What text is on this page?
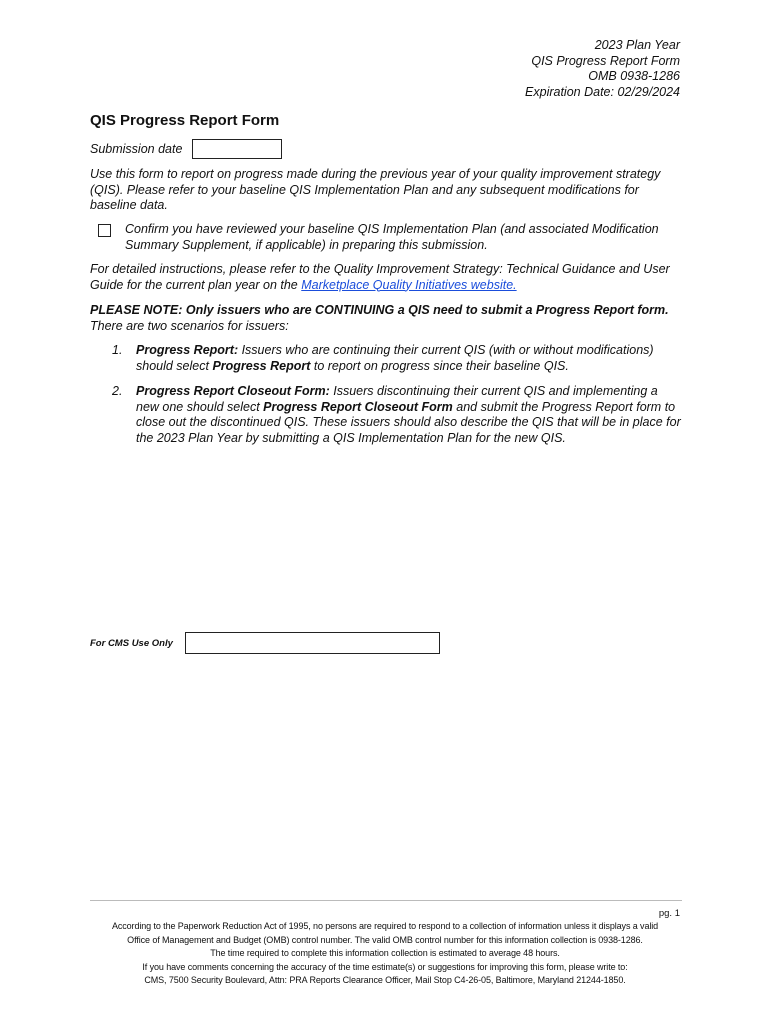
2023 Plan Year
QIS Progress Report Form
OMB 0938-1286
Expiration Date: 02/29/2024
QIS Progress Report Form
Submission date
Use this form to report on progress made during the previous year of your quality improvement strategy (QIS). Please refer to your baseline QIS Implementation Plan and any subsequent modifications for baseline data.
Confirm you have reviewed your baseline QIS Implementation Plan (and associated Modification Summary Supplement, if applicable) in preparing this submission.
For detailed instructions, please refer to the Quality Improvement Strategy: Technical Guidance and User Guide for the current plan year on the Marketplace Quality Initiatives website.
PLEASE NOTE: Only issuers who are CONTINUING a QIS need to submit a Progress Report form.
There are two scenarios for issuers:
1.	Progress Report: Issuers who are continuing their current QIS (with or without modifications) should select Progress Report to report on progress since their baseline QIS.
2.	Progress Report Closeout Form: Issuers discontinuing their current QIS and implementing a new one should select Progress Report Closeout Form and submit the Progress Report form to close out the discontinued QIS. These issuers should also describe the QIS that will be in place for the 2023 Plan Year by submitting a QIS Implementation Plan for the new QIS.
For CMS Use Only
pg. 1
According to the Paperwork Reduction Act of 1995, no persons are required to respond to a collection of information unless it displays a valid
Office of Management and Budget (OMB) control number. The valid OMB control number for this information collection is 0938-1286.
The time required to complete this information collection is estimated to average 48 hours.
If you have comments concerning the accuracy of the time estimate(s) or suggestions for improving this form, please write to:
CMS, 7500 Security Boulevard, Attn: PRA Reports Clearance Officer, Mail Stop C4-26-05, Baltimore, Maryland 21244-1850.
